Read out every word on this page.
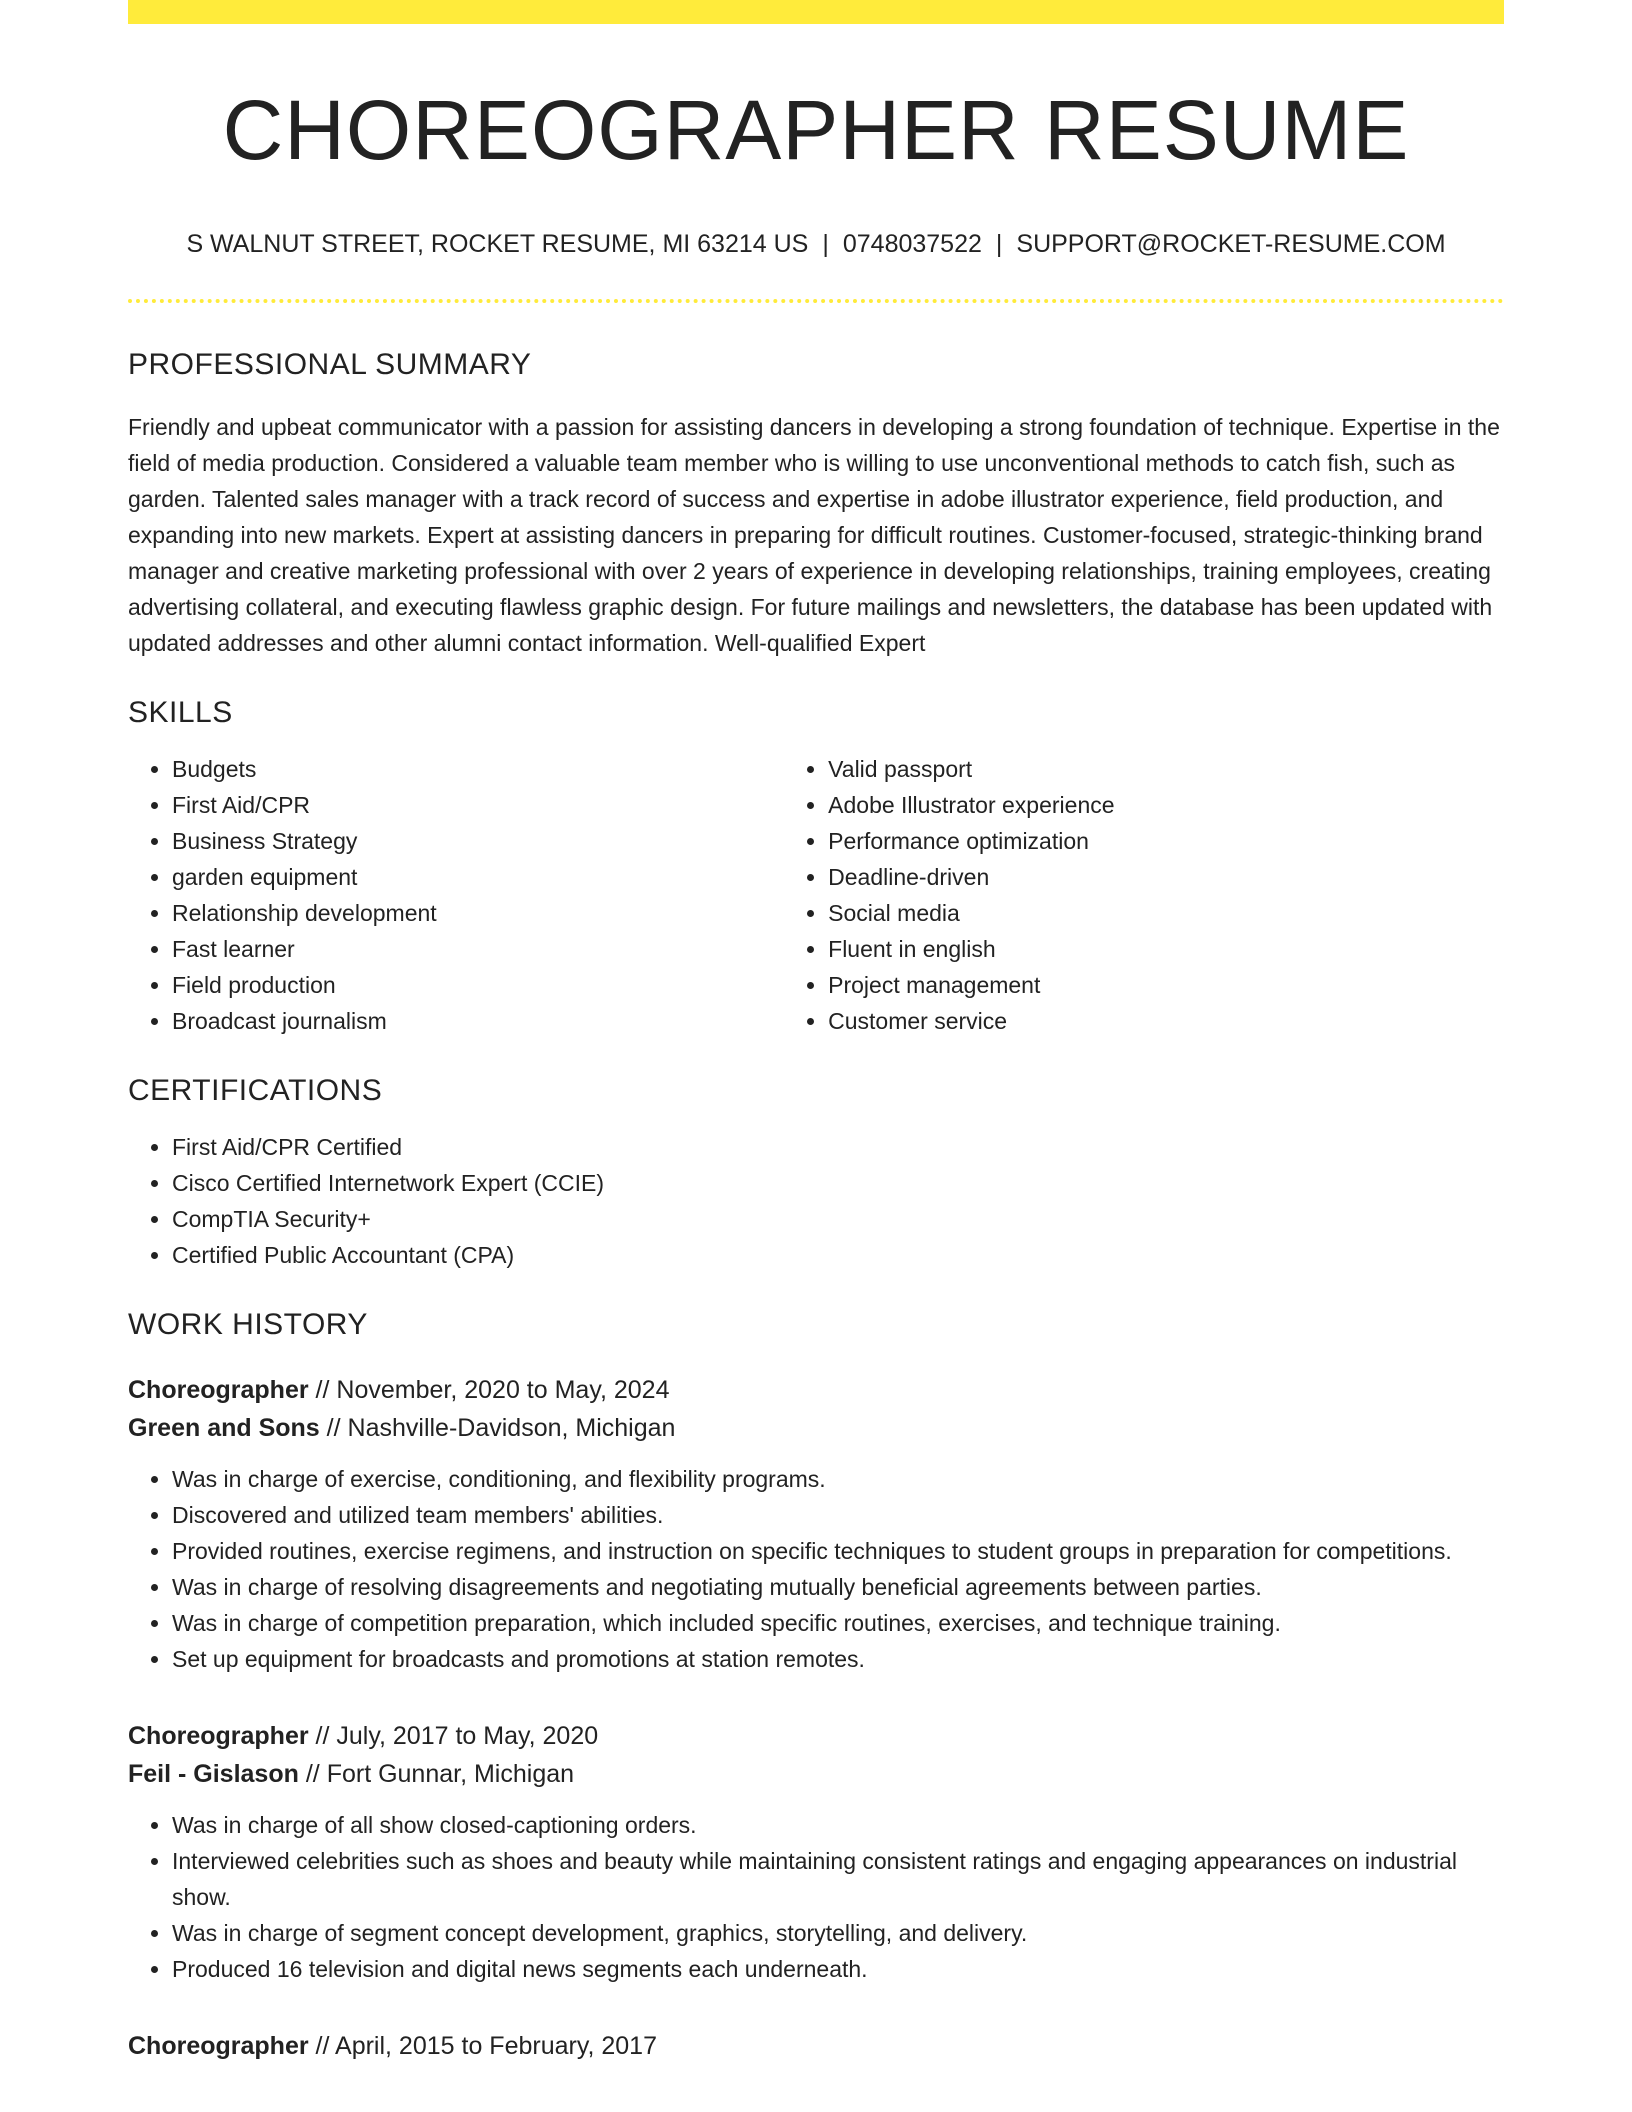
CHOREOGRAPHER RESUME
S WALNUT STREET, ROCKET RESUME, MI 63214 US | 0748037522 | SUPPORT@ROCKET-RESUME.COM
PROFESSIONAL SUMMARY

Friendly and upbeat communicator with a passion for assisting dancers in developing a strong foundation of technique. Expertise in the field of media production. Considered a valuable team member who is willing to use unconventional methods to catch fish, such as garden. Talented sales manager with a track record of success and expertise in adobe illustrator experience, field production, and expanding into new markets. Expert at assisting dancers in preparing for difficult routines. Customer-focused, strategic-thinking brand manager and creative marketing professional with over 2 years of experience in developing relationships, training employees, creating advertising collateral, and executing flawless graphic design. For future mailings and newsletters, the database has been updated with updated addresses and other alumni contact information. Well-qualified Expert

SKILLS
• Budgets
• First Aid/CPR
• Business Strategy
• garden equipment
• Relationship development
• Fast learner
• Field production
• Broadcast journalism
• Valid passport
• Adobe Illustrator experience
• Performance optimization
• Deadline-driven
• Social media
• Fluent in english
• Project management
• Customer service
CERTIFICATIONS
• First Aid/CPR Certified
• Cisco Certified Internetwork Expert (CCIE)
• CompTIA Security+
• Certified Public Accountant (CPA)
WORK HISTORY
Choreographer // November, 2020 to May, 2024
Green and Sons // Nashville-Davidson, Michigan
• Was in charge of exercise, conditioning, and flexibility programs.
• Discovered and utilized team members' abilities.
• Provided routines, exercise regimens, and instruction on specific techniques to student groups in preparation for competitions.
• Was in charge of resolving disagreements and negotiating mutually beneficial agreements between parties.
• Was in charge of competition preparation, which included specific routines, exercises, and technique training.
• Set up equipment for broadcasts and promotions at station remotes.
Choreographer // July, 2017 to May, 2020
Feil - Gislason // Fort Gunnar, Michigan
• Was in charge of all show closed-captioning orders.
• Interviewed celebrities such as shoes and beauty while maintaining consistent ratings and engaging appearances on industrial show.
• Was in charge of segment concept development, graphics, storytelling, and delivery.
• Produced 16 television and digital news segments each underneath.
Choreographer // April, 2015 to February, 2017
